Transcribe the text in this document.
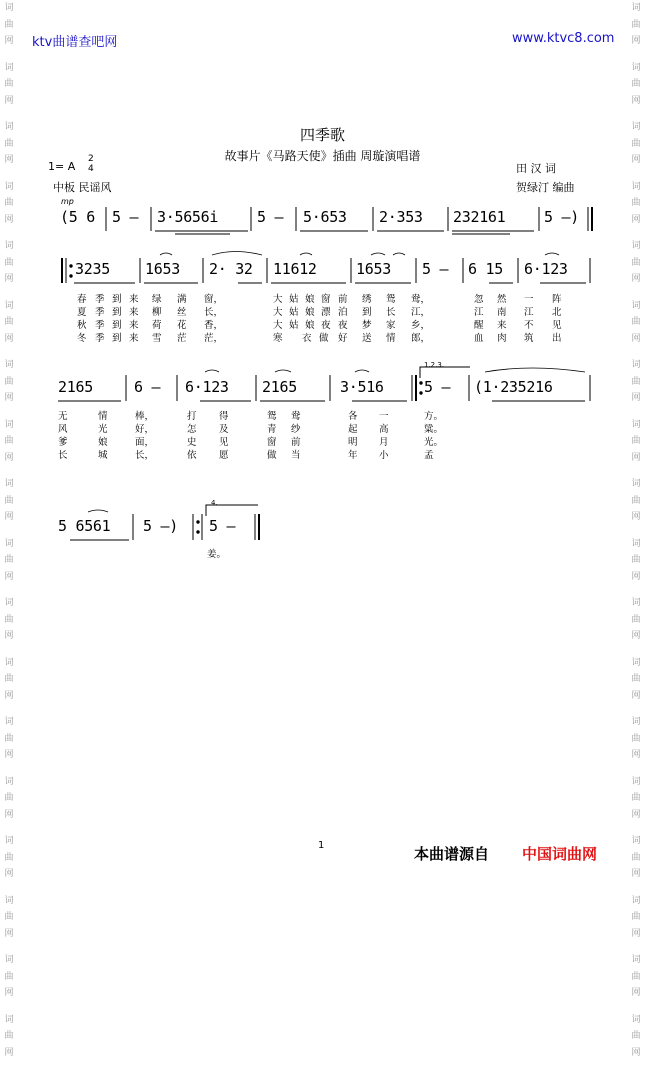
词
曲
网
词
曲
网
词
曲
网
词
曲
网
词
曲
网
词
曲
网
词
曲
网
词
曲
网
词
曲
网
词
曲
网
词
曲
网
词
曲
网
词
曲
网
词
曲
网
词
曲
网
词
曲
网
词
曲
网
词
曲
网
词
曲
网
词
曲
网
词
曲
网
词
曲
网
词
曲
网
词
曲
网
词
曲
网
词
曲
网
词
曲
网
词
曲
网
词
曲
网
词
曲
网
词
曲
网
词
曲
网
词
曲
网
词
曲
网
词
曲
网
词
曲
网
ktv曲谱查吧网	www.ktvc8.com
四季歌
故事片《马路天使》插曲 周璇演唱谱
1= A
2
4
中板 民谣风
田 汉 词
贺绿汀 编曲
mp
(5 6 5 – 3·5656i	5 – 5·653 2·353 232161	5 –)
3235 1653 2· 32 11612	1653 5 – 6 15 6·123
2165	6 – 6·123 2165	3·516	5 – (1·235216
1.2.3.
5 6561 5 –) 5 –
4.
春 季 到 来 绿 满 窗，	大 姑 娘 窗 前 绣 鸳 鸯，	忽 然 一 阵
夏 季 到 来 柳 丝 长，	大 姑 娘 漂 泊 到 长 江，	江 南 江 北
秋 季 到 来 荷 花 香，	大 姑 娘 夜 夜 梦 家 乡，	醒 来 不 见
冬 季 到 来 雪 茫 茫，	寒 衣 做 好 送 情 郎，	血 肉 筑 出
无	情	棒，	打 得	鸳 鸯	各 一	方。
风	光	好，	怎 及	青 纱	起 高	粱。
爹	娘	面，	史 见	窗 前	明 月	光。
长	城	长，	依 愿	做 当	年 小	孟
姜。
1	本曲谱源自 中国词曲网
